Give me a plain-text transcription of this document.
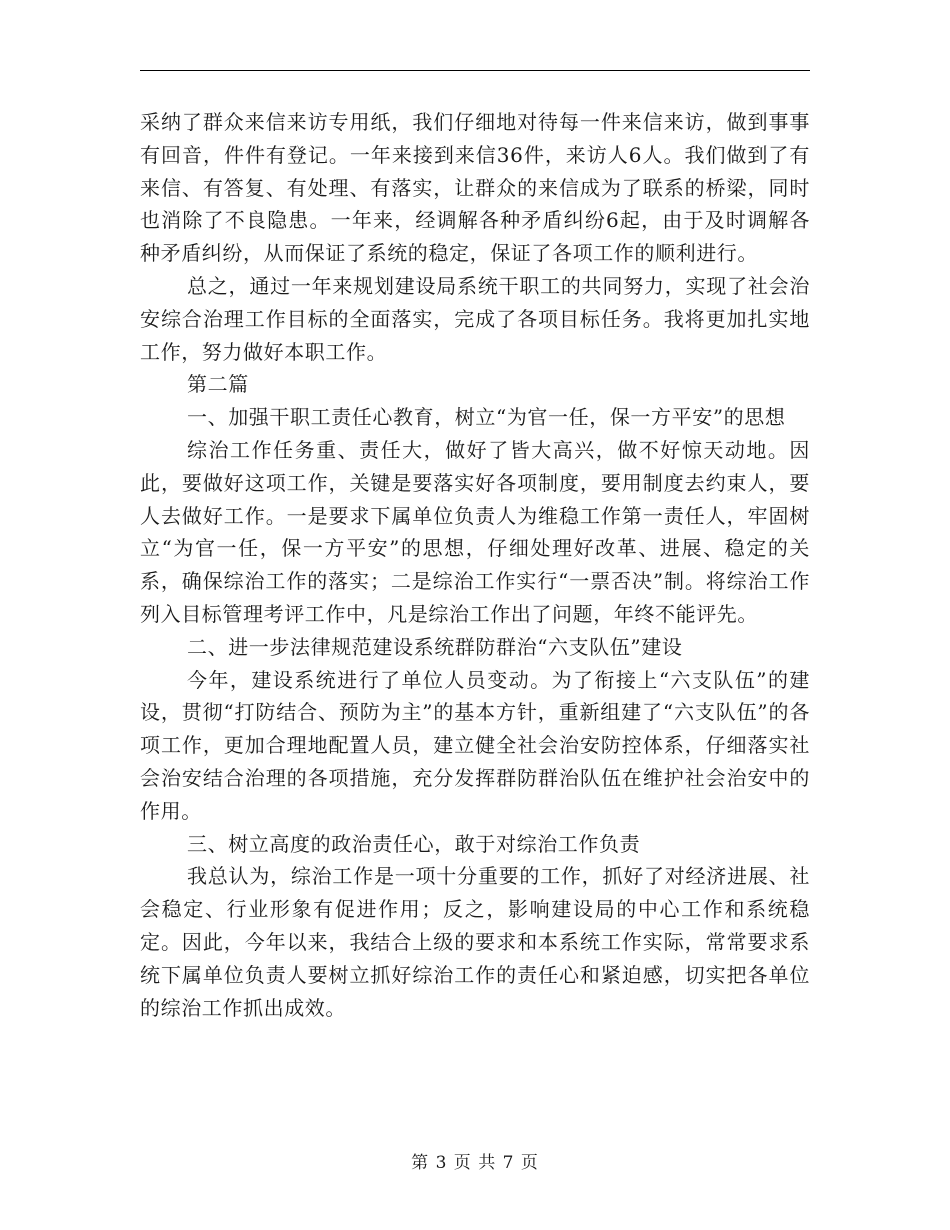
采纳了群众来信来访专用纸，我们仔细地对待每一件来信来访，做到事事有回音，件件有登记。一年来接到来信36件，来访人6人。我们做到了有来信、有答复、有处理、有落实，让群众的来信成为了联系的桥梁，同时也消除了不良隐患。一年来，经调解各种矛盾纠纷6起，由于及时调解各种矛盾纠纷，从而保证了系统的稳定，保证了各项工作的顺利进行。

总之，通过一年来规划建设局系统干职工的共同努力，实现了社会治安综合治理工作目标的全面落实，完成了各项目标任务。我将更加扎实地工作，努力做好本职工作。

第二篇

一、加强干职工责任心教育，树立“为官一任，保一方平安”的思想

综治工作任务重、责任大，做好了皆大高兴，做不好惊天动地。因此，要做好这项工作，关键是要落实好各项制度，要用制度去约束人，要人去做好工作。一是要求下属单位负责人为维稳工作第一责任人，牢固树立“为官一任，保一方平安”的思想，仔细处理好改革、进展、稳定的关系，确保综治工作的落实；二是综治工作实行“一票否决”制。将综治工作列入目标管理考评工作中，凡是综治工作出了问题，年终不能评先。

二、进一步法律规范建设系统群防群治“六支队伍”建设

今年，建设系统进行了单位人员变动。为了衔接上“六支队伍”的建设，贯彻“打防结合、预防为主”的基本方针，重新组建了“六支队伍”的各项工作，更加合理地配置人员，建立健全社会治安防控体系，仔细落实社会治安结合治理的各项措施，充分发挥群防群治队伍在维护社会治安中的作用。

三、树立高度的政治责任心，敢于对综治工作负责

我总认为，综治工作是一项十分重要的工作，抓好了对经济进展、社会稳定、行业形象有促进作用；反之，影响建设局的中心工作和系统稳定。因此，今年以来，我结合上级的要求和本系统工作实际，常常要求系统下属单位负责人要树立抓好综治工作的责任心和紧迫感，切实把各单位的综治工作抓出成效。

第 3 页 共 7 页
